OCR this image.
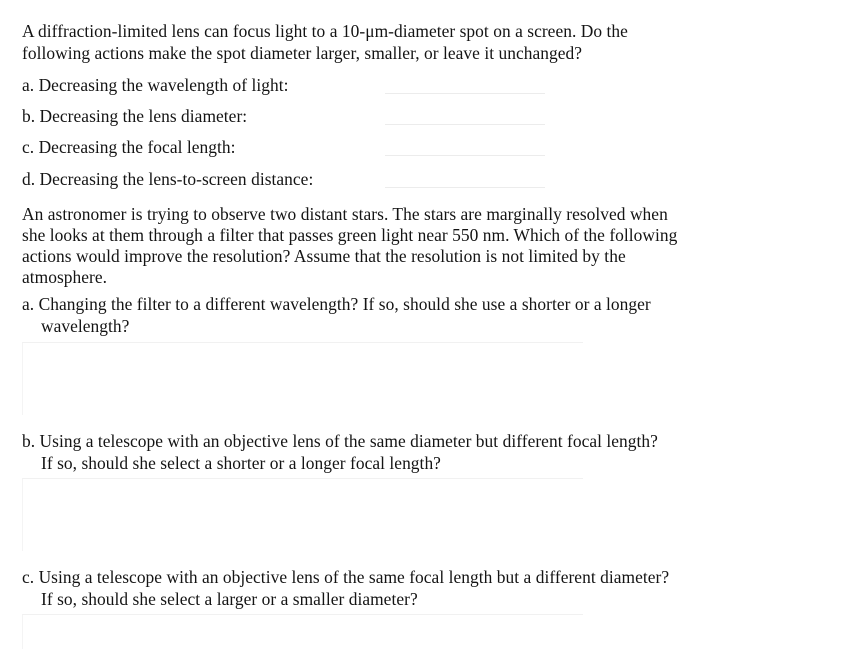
A diffraction-limited lens can focus light to a 10-μm-diameter spot on a screen. Do the
following actions make the spot diameter larger, smaller, or leave it unchanged?
a. Decreasing the wavelength of light:
b. Decreasing the lens diameter:
c. Decreasing the focal length:
d. Decreasing the lens-to-screen distance:
An astronomer is trying to observe two distant stars. The stars are marginally resolved when
she looks at them through a filter that passes green light near 550 nm. Which of the following
actions would improve the resolution? Assume that the resolution is not limited by the
atmosphere.
a. Changing the filter to a different wavelength? If so, should she use a shorter or a longer
wavelength?
b. Using a telescope with an objective lens of the same diameter but different focal length?
If so, should she select a shorter or a longer focal length?
c. Using a telescope with an objective lens of the same focal length but a different diameter?
If so, should she select a larger or a smaller diameter?
